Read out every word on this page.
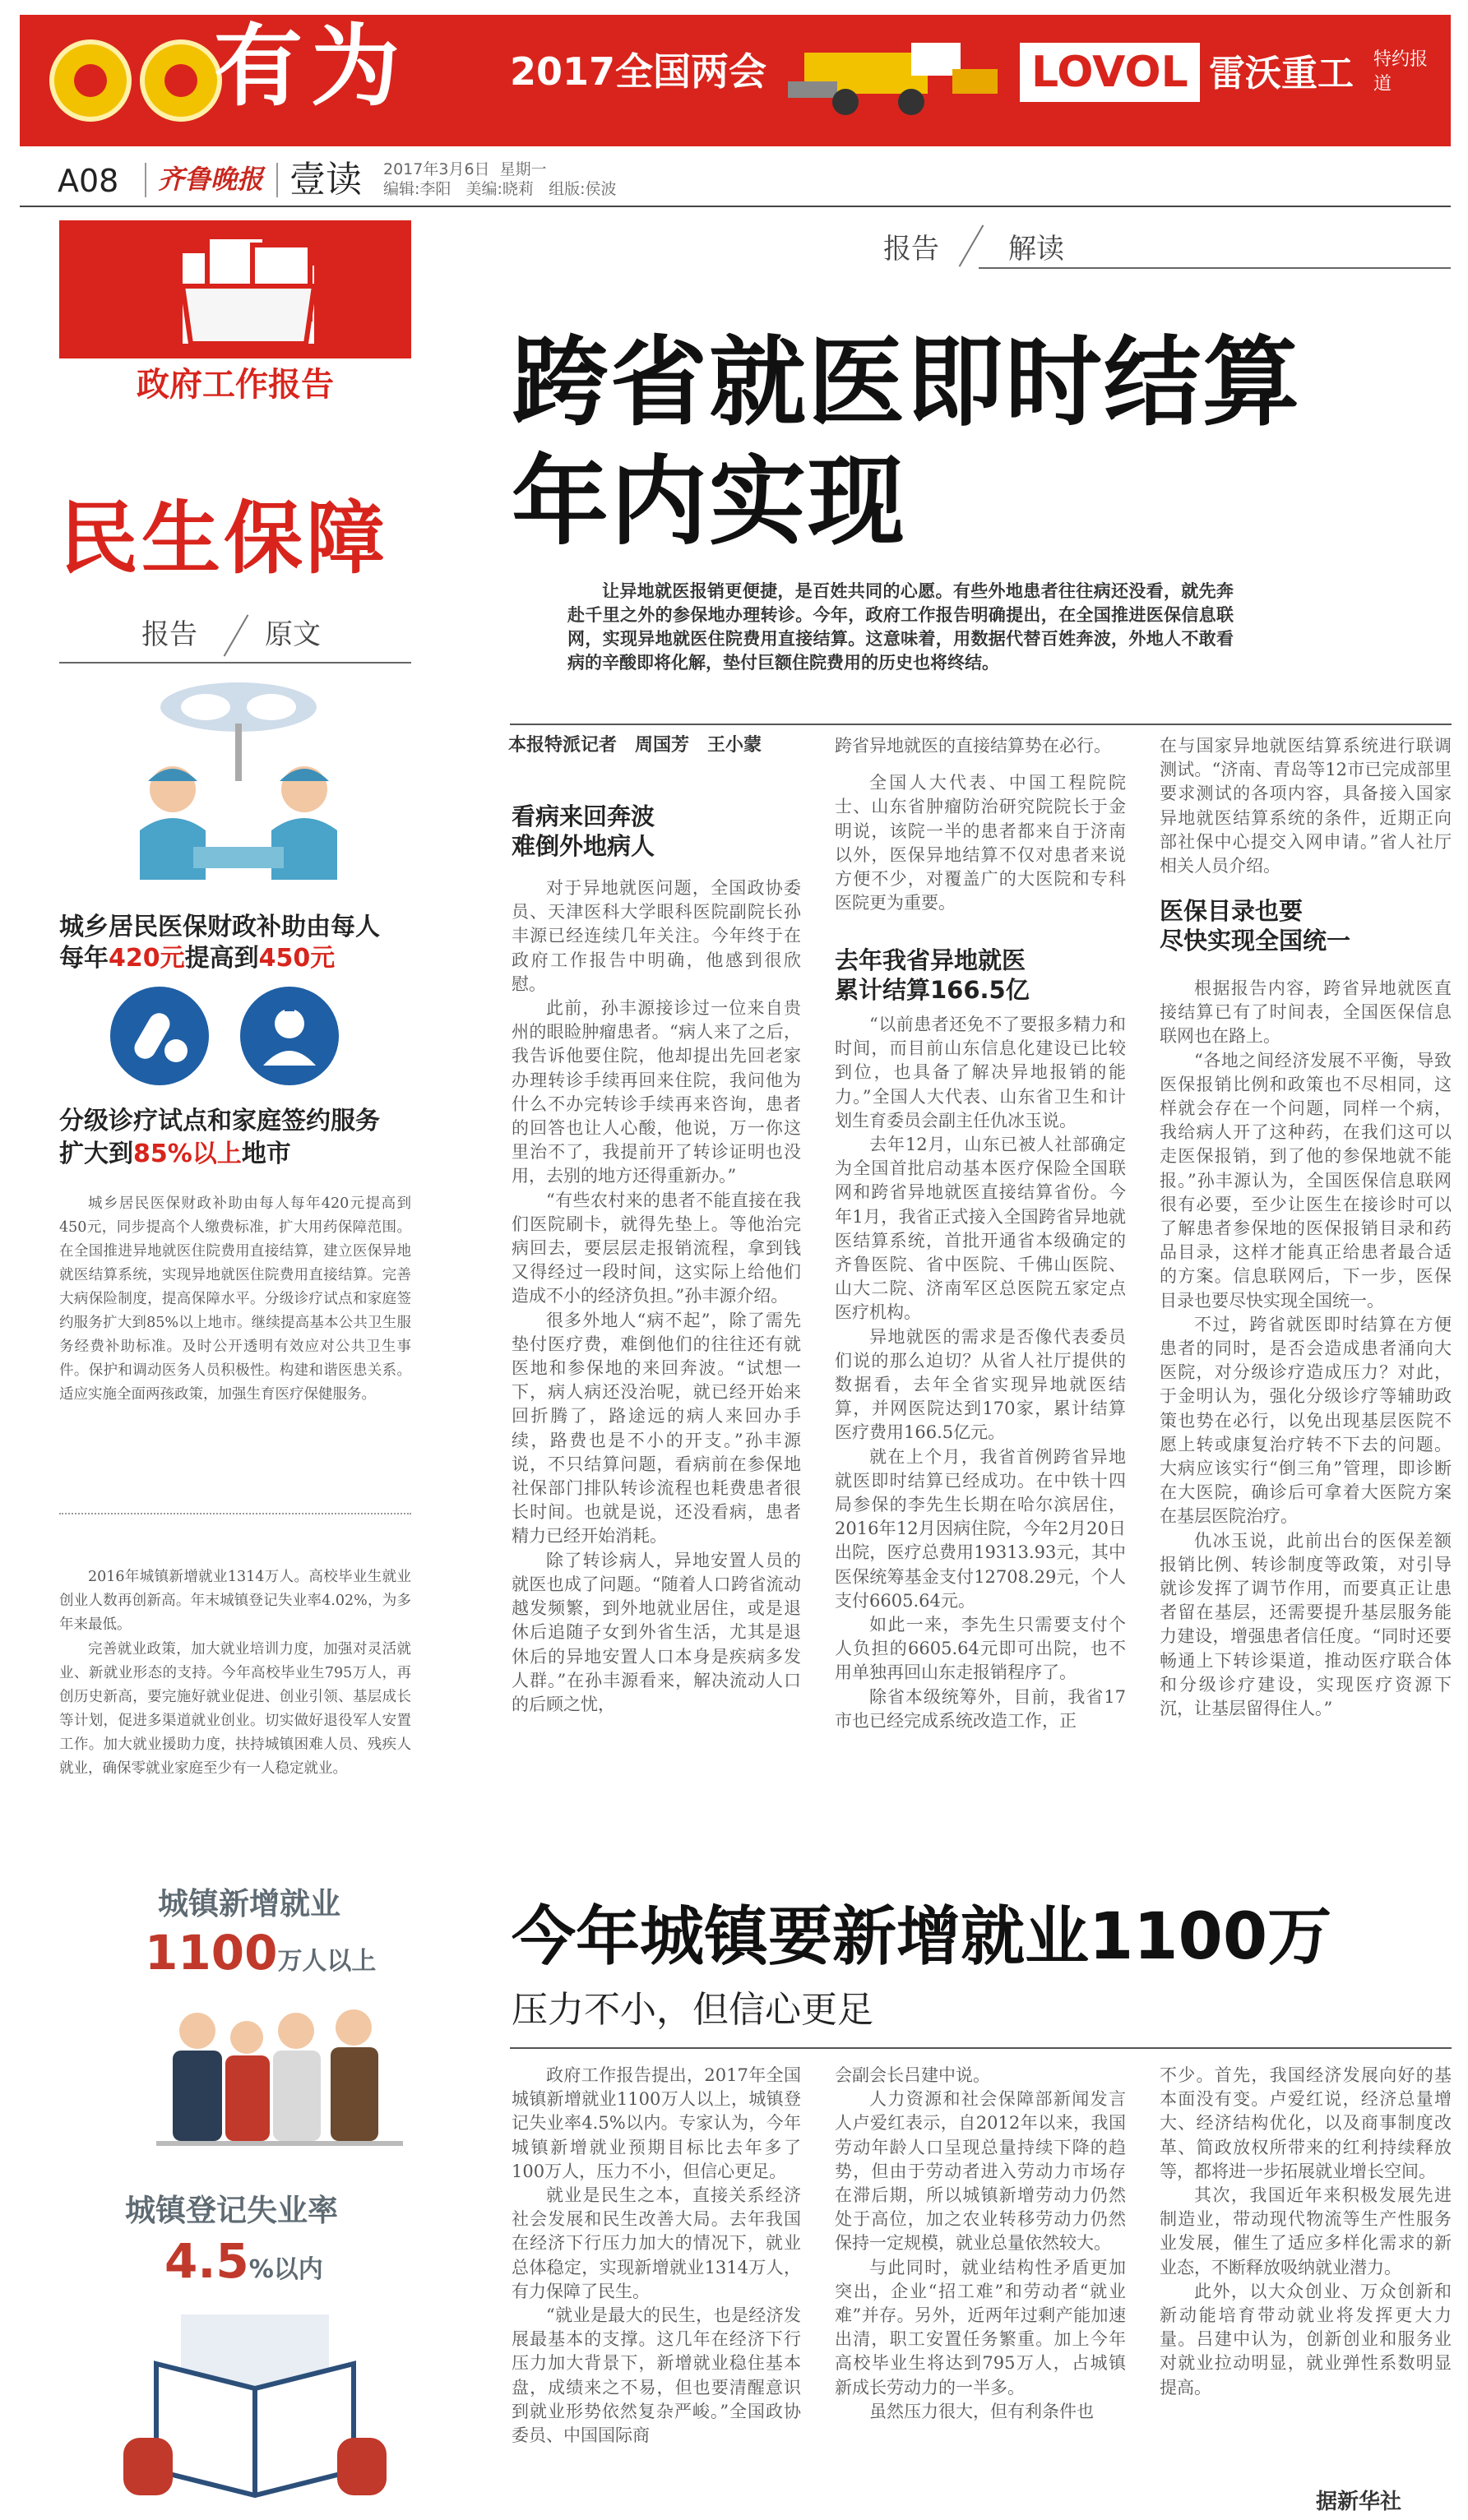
有为	2017全国两会	LOVOL 雷沃重工 特约报道
A08 齐鲁晚报 壹读 2017年3月6日 星期一
编辑:李阳 美编:晓莉 组版:侯波
政府工作报告
民生保障
报告 原文
城乡居民医保财政补助由每人
每年420元提高到450元
分级诊疗试点和家庭签约服务
扩大到85%以上地市

城乡居民医保财政补助由每人每年420元提高到450元，同步提高个人缴费标准，扩大用药保障范围。在全国推进异地就医住院费用直接结算，建立医保异地就医结算系统，实现异地就医住院费用直接结算。完善大病保险制度，提高保障水平。分级诊疗试点和家庭签约服务扩大到85%以上地市。继续提高基本公共卫生服务经费补助标准。及时公开透明有效应对公共卫生事件。保护和调动医务人员积极性。构建和谐医患关系。适应实施全面两孩政策，加强生育医疗保健服务。

2016年城镇新增就业1314万人。高校毕业生就业创业人数再创新高。年末城镇登记失业率4.02%，为多年来最低。

完善就业政策，加大就业培训力度，加强对灵活就业、新就业形态的支持。今年高校毕业生795万人，再创历史新高，要完施好就业促进、创业引领、基层成长等计划，促进多渠道就业创业。切实做好退役军人安置工作。加大就业援助力度，扶持城镇困难人员、残疾人就业，确保零就业家庭至少有一人稳定就业。

城镇新增就业
1100万人以上
城镇登记失业率
4.5%以内
报告 解读
跨省就医即时结算
年内实现

让异地就医报销更便捷，是百姓共同的心愿。有些外地患者往往病还没看，就先奔赴千里之外的参保地办理转诊。今年，政府工作报告明确提出，在全国推进医保信息联网，实现异地就医住院费用直接结算。这意味着，用数据代替百姓奔波，外地人不敢看病的辛酸即将化解，垫付巨额住院费用的历史也将终结。

本报特派记者　周国芳　王小蒙
看病来回奔波
难倒外地病人

对于异地就医问题，全国政协委员、天津医科大学眼科医院副院长孙丰源已经连续几年关注。今年终于在政府工作报告中明确，他感到很欣慰。

此前，孙丰源接诊过一位来自贵州的眼睑肿瘤患者。“病人来了之后，我告诉他要住院，他却提出先回老家办理转诊手续再回来住院，我问他为什么不办完转诊手续再来咨询，患者的回答也让人心酸，他说，万一你这里治不了，我提前开了转诊证明也没用，去别的地方还得重新办。”

“有些农村来的患者不能直接在我们医院刷卡，就得先垫上。等他治完病回去，要层层走报销流程，拿到钱又得经过一段时间，这实际上给他们造成不小的经济负担。”孙丰源介绍。

很多外地人“病不起”，除了需先垫付医疗费，难倒他们的往往还有就医地和参保地的来回奔波。“试想一下，病人病还没治呢，就已经开始来回折腾了，路途远的病人来回办手续，路费也是不小的开支。”孙丰源说，不只结算问题，看病前在参保地社保部门排队转诊流程也耗费患者很长时间。也就是说，还没看病，患者精力已经开始消耗。

除了转诊病人，异地安置人员的就医也成了问题。“随着人口跨省流动越发频繁，到外地就业居住，或是退休后追随子女到外省生活，尤其是退休后的异地安置人口本身是疾病多发人群。”在孙丰源看来，解决流动人口的后顾之忧，

跨省异地就医的直接结算势在必行。

全国人大代表、中国工程院院士、山东省肿瘤防治研究院院长于金明说，该院一半的患者都来自于济南以外，医保异地结算不仅对患者来说方便不少，对覆盖广的大医院和专科医院更为重要。

去年我省异地就医
累计结算166.5亿

“以前患者还免不了要报多精力和时间，而目前山东信息化建设已比较到位，也具备了解决异地报销的能力。”全国人大代表、山东省卫生和计划生育委员会副主任仇冰玉说。

去年12月，山东已被人社部确定为全国首批启动基本医疗保险全国联网和跨省异地就医直接结算省份。今年1月，我省正式接入全国跨省异地就医结算系统，首批开通省本级确定的齐鲁医院、省中医院、千佛山医院、山大二院、济南军区总医院五家定点医疗机构。

异地就医的需求是否像代表委员们说的那么迫切？从省人社厅提供的数据看，去年全省实现异地就医结算，并网医院达到170家，累计结算医疗费用166.5亿元。

就在上个月，我省首例跨省异地就医即时结算已经成功。在中铁十四局参保的李先生长期在哈尔滨居住，2016年12月因病住院，今年2月20日出院，医疗总费用19313.93元，其中医保统筹基金支付12708.29元，个人支付6605.64元。

如此一来，李先生只需要支付个人负担的6605.64元即可出院，也不用单独再回山东走报销程序了。

除省本级统筹外，目前，我省17市也已经完成系统改造工作，正

在与国家异地就医结算系统进行联调测试。“济南、青岛等12市已完成部里要求测试的各项内容，具备接入国家异地就医结算系统的条件，近期正向部社保中心提交入网申请。”省人社厅相关人员介绍。

医保目录也要
尽快实现全国统一

根据报告内容，跨省异地就医直接结算已有了时间表，全国医保信息联网也在路上。

“各地之间经济发展不平衡，导致医保报销比例和政策也不尽相同，这样就会存在一个问题，同样一个病，我给病人开了这种药，在我们这可以走医保报销，到了他的参保地就不能报。”孙丰源认为，全国医保信息联网很有必要，至少让医生在接诊时可以了解患者参保地的医保报销目录和药品目录，这样才能真正给患者最合适的方案。信息联网后，下一步，医保目录也要尽快实现全国统一。

不过，跨省就医即时结算在方便患者的同时，是否会造成患者涌向大医院，对分级诊疗造成压力？对此，于金明认为，强化分级诊疗等辅助政策也势在必行，以免出现基层医院不愿上转或康复治疗转不下去的问题。大病应该实行“倒三角”管理，即诊断在大医院，确诊后可拿着大医院方案在基层医院治疗。

仇冰玉说，此前出台的医保差额报销比例、转诊制度等政策，对引导就诊发挥了调节作用，而要真正让患者留在基层，还需要提升基层服务能力建设，增强患者信任度。“同时还要畅通上下转诊渠道，推动医疗联合体和分级诊疗建设，实现医疗资源下沉，让基层留得住人。”

今年城镇要新增就业1100万
压力不小，但信心更足

政府工作报告提出，2017年全国城镇新增就业1100万人以上，城镇登记失业率4.5%以内。专家认为，今年城镇新增就业预期目标比去年多了100万人，压力不小，但信心更足。

就业是民生之本，直接关系经济社会发展和民生改善大局。去年我国在经济下行压力加大的情况下，就业总体稳定，实现新增就业1314万人，有力保障了民生。

“就业是最大的民生，也是经济发展最基本的支撑。这几年在经济下行压力加大背景下，新增就业稳住基本盘，成绩来之不易，但也要清醒意识到就业形势依然复杂严峻。”全国政协委员、中国国际商

会副会长吕建中说。

人力资源和社会保障部新闻发言人卢爱红表示，自2012年以来，我国劳动年龄人口呈现总量持续下降的趋势，但由于劳动者进入劳动力市场存在滞后期，所以城镇新增劳动力仍然处于高位，加之农业转移劳动力仍然保持一定规模，就业总量依然较大。

与此同时，就业结构性矛盾更加突出，企业“招工难”和劳动者“就业难”并存。另外，近两年过剩产能加速出清，职工安置任务繁重。加上今年高校毕业生将达到795万人，占城镇新成长劳动力的一半多。

虽然压力很大，但有利条件也

不少。首先，我国经济发展向好的基本面没有变。卢爱红说，经济总量增大、经济结构优化，以及商事制度改革、简政放权所带来的红利持续释放等，都将进一步拓展就业增长空间。

其次，我国近年来积极发展先进制造业，带动现代物流等生产性服务业发展，催生了适应多样化需求的新业态，不断释放吸纳就业潜力。

此外，以大众创业、万众创新和新动能培育带动就业将发挥更大力量。吕建中认为，创新创业和服务业对就业拉动明显，就业弹性系数明显提高。

据新华社
